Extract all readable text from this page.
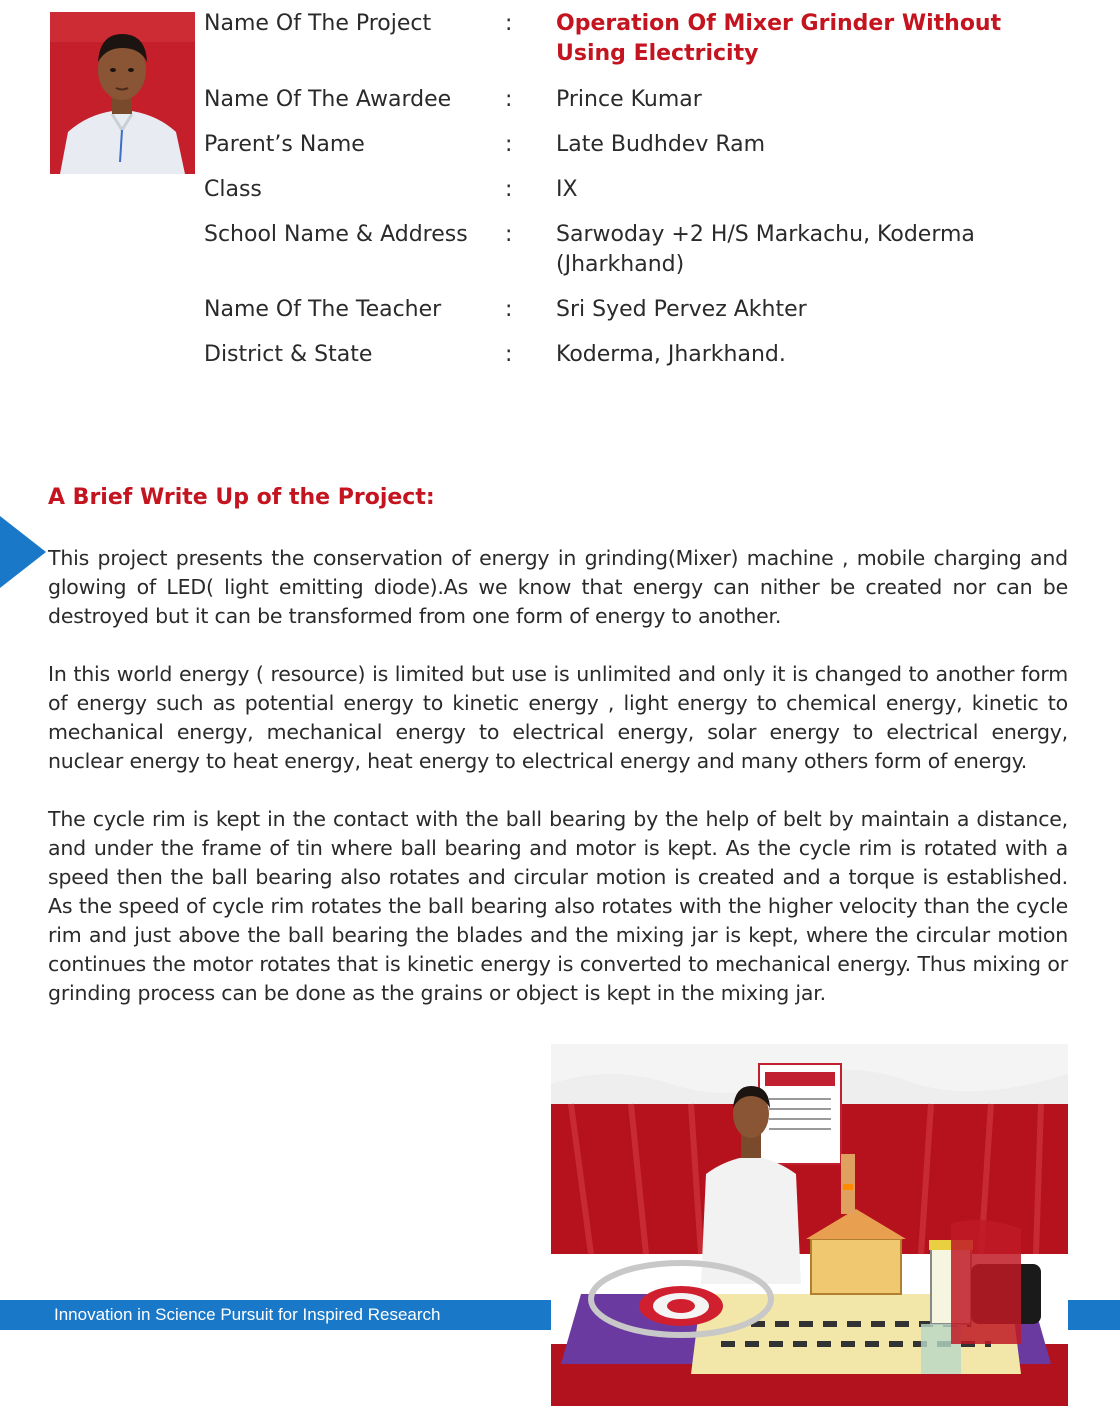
Name Of The Project	: Operation Of Mixer Grinder Without Using Electricity
Name Of The Awardee : Prince Kumar
Parent’s Name	: Late Budhdev Ram
Class	: IX
School Name & Address : Sarwoday +2 H/S Markachu, Koderma (Jharkhand)
Name Of The Teacher	: Sri Syed Pervez Akhter
District & State	: Koderma, Jharkhand.
A Brief Write Up of the Project:

This project presents the conservation of energy in grinding(Mixer) machine , mobile charging and glowing of LED( light emitting diode).As we know that energy can nither be created nor can be destroyed but it can be transformed from one form of energy to another.

In this world energy ( resource) is limited but use is unlimited and only it is changed to another form of energy such as potential energy to kinetic energy , light energy to chemical energy, kinetic to mechanical energy, mechanical energy to electrical energy, solar energy to electrical energy, nuclear energy to heat energy, heat energy to electrical energy and many others form of energy.

The cycle rim is kept in the contact with the ball bearing by the help of belt by maintain a distance, and under the frame of tin where ball bearing and motor is kept. As the cycle rim is rotated with a speed then the ball bearing also rotates and circular motion is created and a torque is established. As the speed of cycle rim rotates the ball bearing also rotates with the higher velocity than the cycle rim and just above the ball bearing the blades and the mixing jar is kept, where the circular motion continues the motor rotates that is kinetic energy is converted to mechanical energy. Thus mixing or grinding process can be done as the grains or object is kept in the mixing jar.

Innovation in Science Pursuit for Inspired Research
